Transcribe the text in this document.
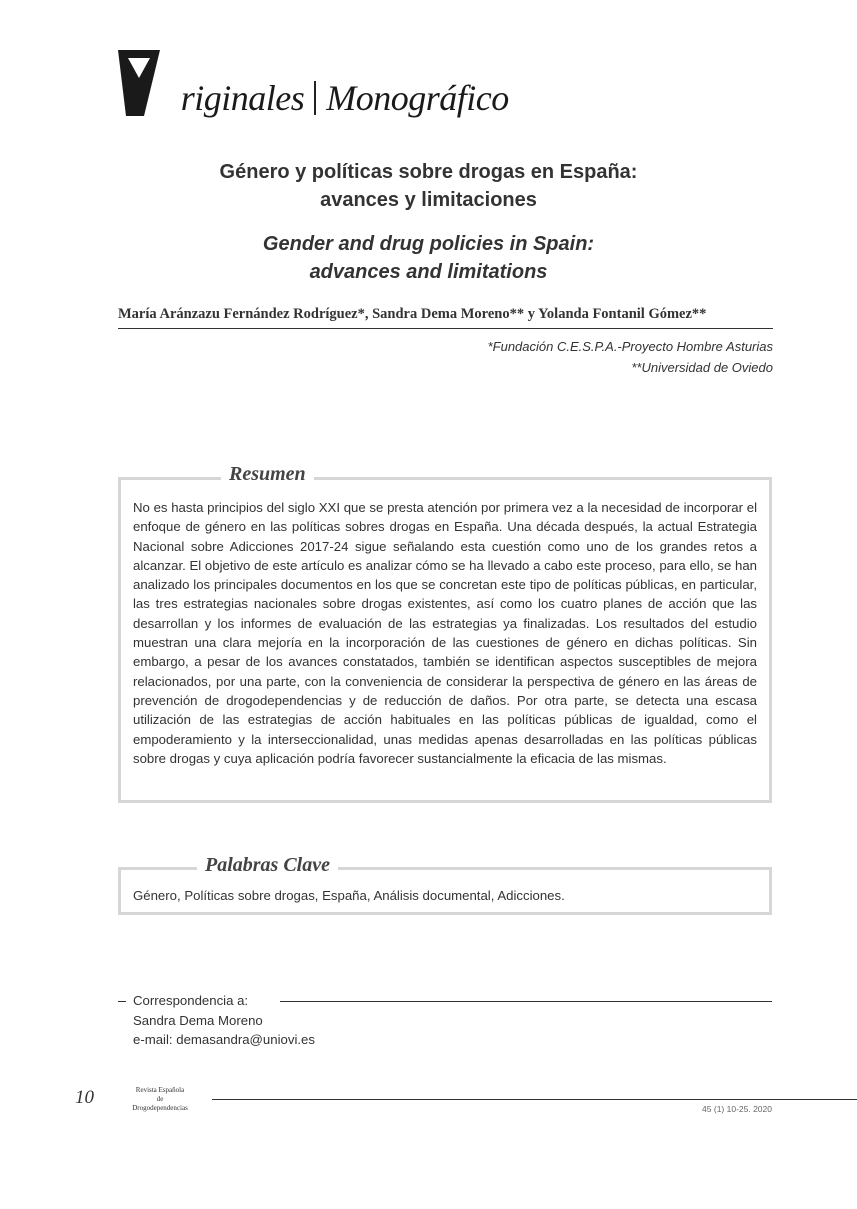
Originales Monográfico
Género y políticas sobre drogas en España:
avances y limitaciones
Gender and drug policies in Spain:
advances and limitations
María Aránzazu Fernández Rodríguez*, Sandra Dema Moreno** y Yolanda Fontanil Gómez**
*Fundación C.E.S.P.A.-Proyecto Hombre Asturias
**Universidad de Oviedo
Resumen
No es hasta principios del siglo XXI que se presta atención por primera vez a la necesidad de incorporar el enfoque de género en las políticas sobres drogas en España. Una década después, la actual Estrategia Nacional sobre Adicciones 2017-24 sigue señalando esta cuestión como uno de los grandes retos a alcanzar. El objetivo de este artículo es analizar cómo se ha llevado a cabo este proceso, para ello, se han analizado los principales documentos en los que se concretan este tipo de políticas públicas, en particular, las tres estrategias nacionales sobre drogas existentes, así como los cuatro planes de acción que las desarrollan y los informes de evaluación de las estrategias ya finalizadas. Los resultados del estudio muestran una clara mejoría en la incorporación de las cuestiones de género en dichas políticas. Sin embargo, a pesar de los avances constatados, también se identifican aspectos susceptibles de mejora relacionados, por una parte, con la conveniencia de considerar la perspectiva de género en las áreas de prevención de drogodependencias y de reducción de daños. Por otra parte, se detecta una escasa utilización de las estrategias de acción habituales en las políticas públicas de igualdad, como el empoderamiento y la interseccionalidad, unas medidas apenas desarrolladas en las políticas públicas sobre drogas y cuya aplicación podría favorecer sustancialmente la eficacia de las mismas.
Palabras Clave
Género, Políticas sobre drogas, España, Análisis documental, Adicciones.
Correspondencia a:
Sandra Dema Moreno
e-mail: demasandra@uniovi.es
10	Revista Española
de
Drogodependencias	45 (1) 10-25. 2020
